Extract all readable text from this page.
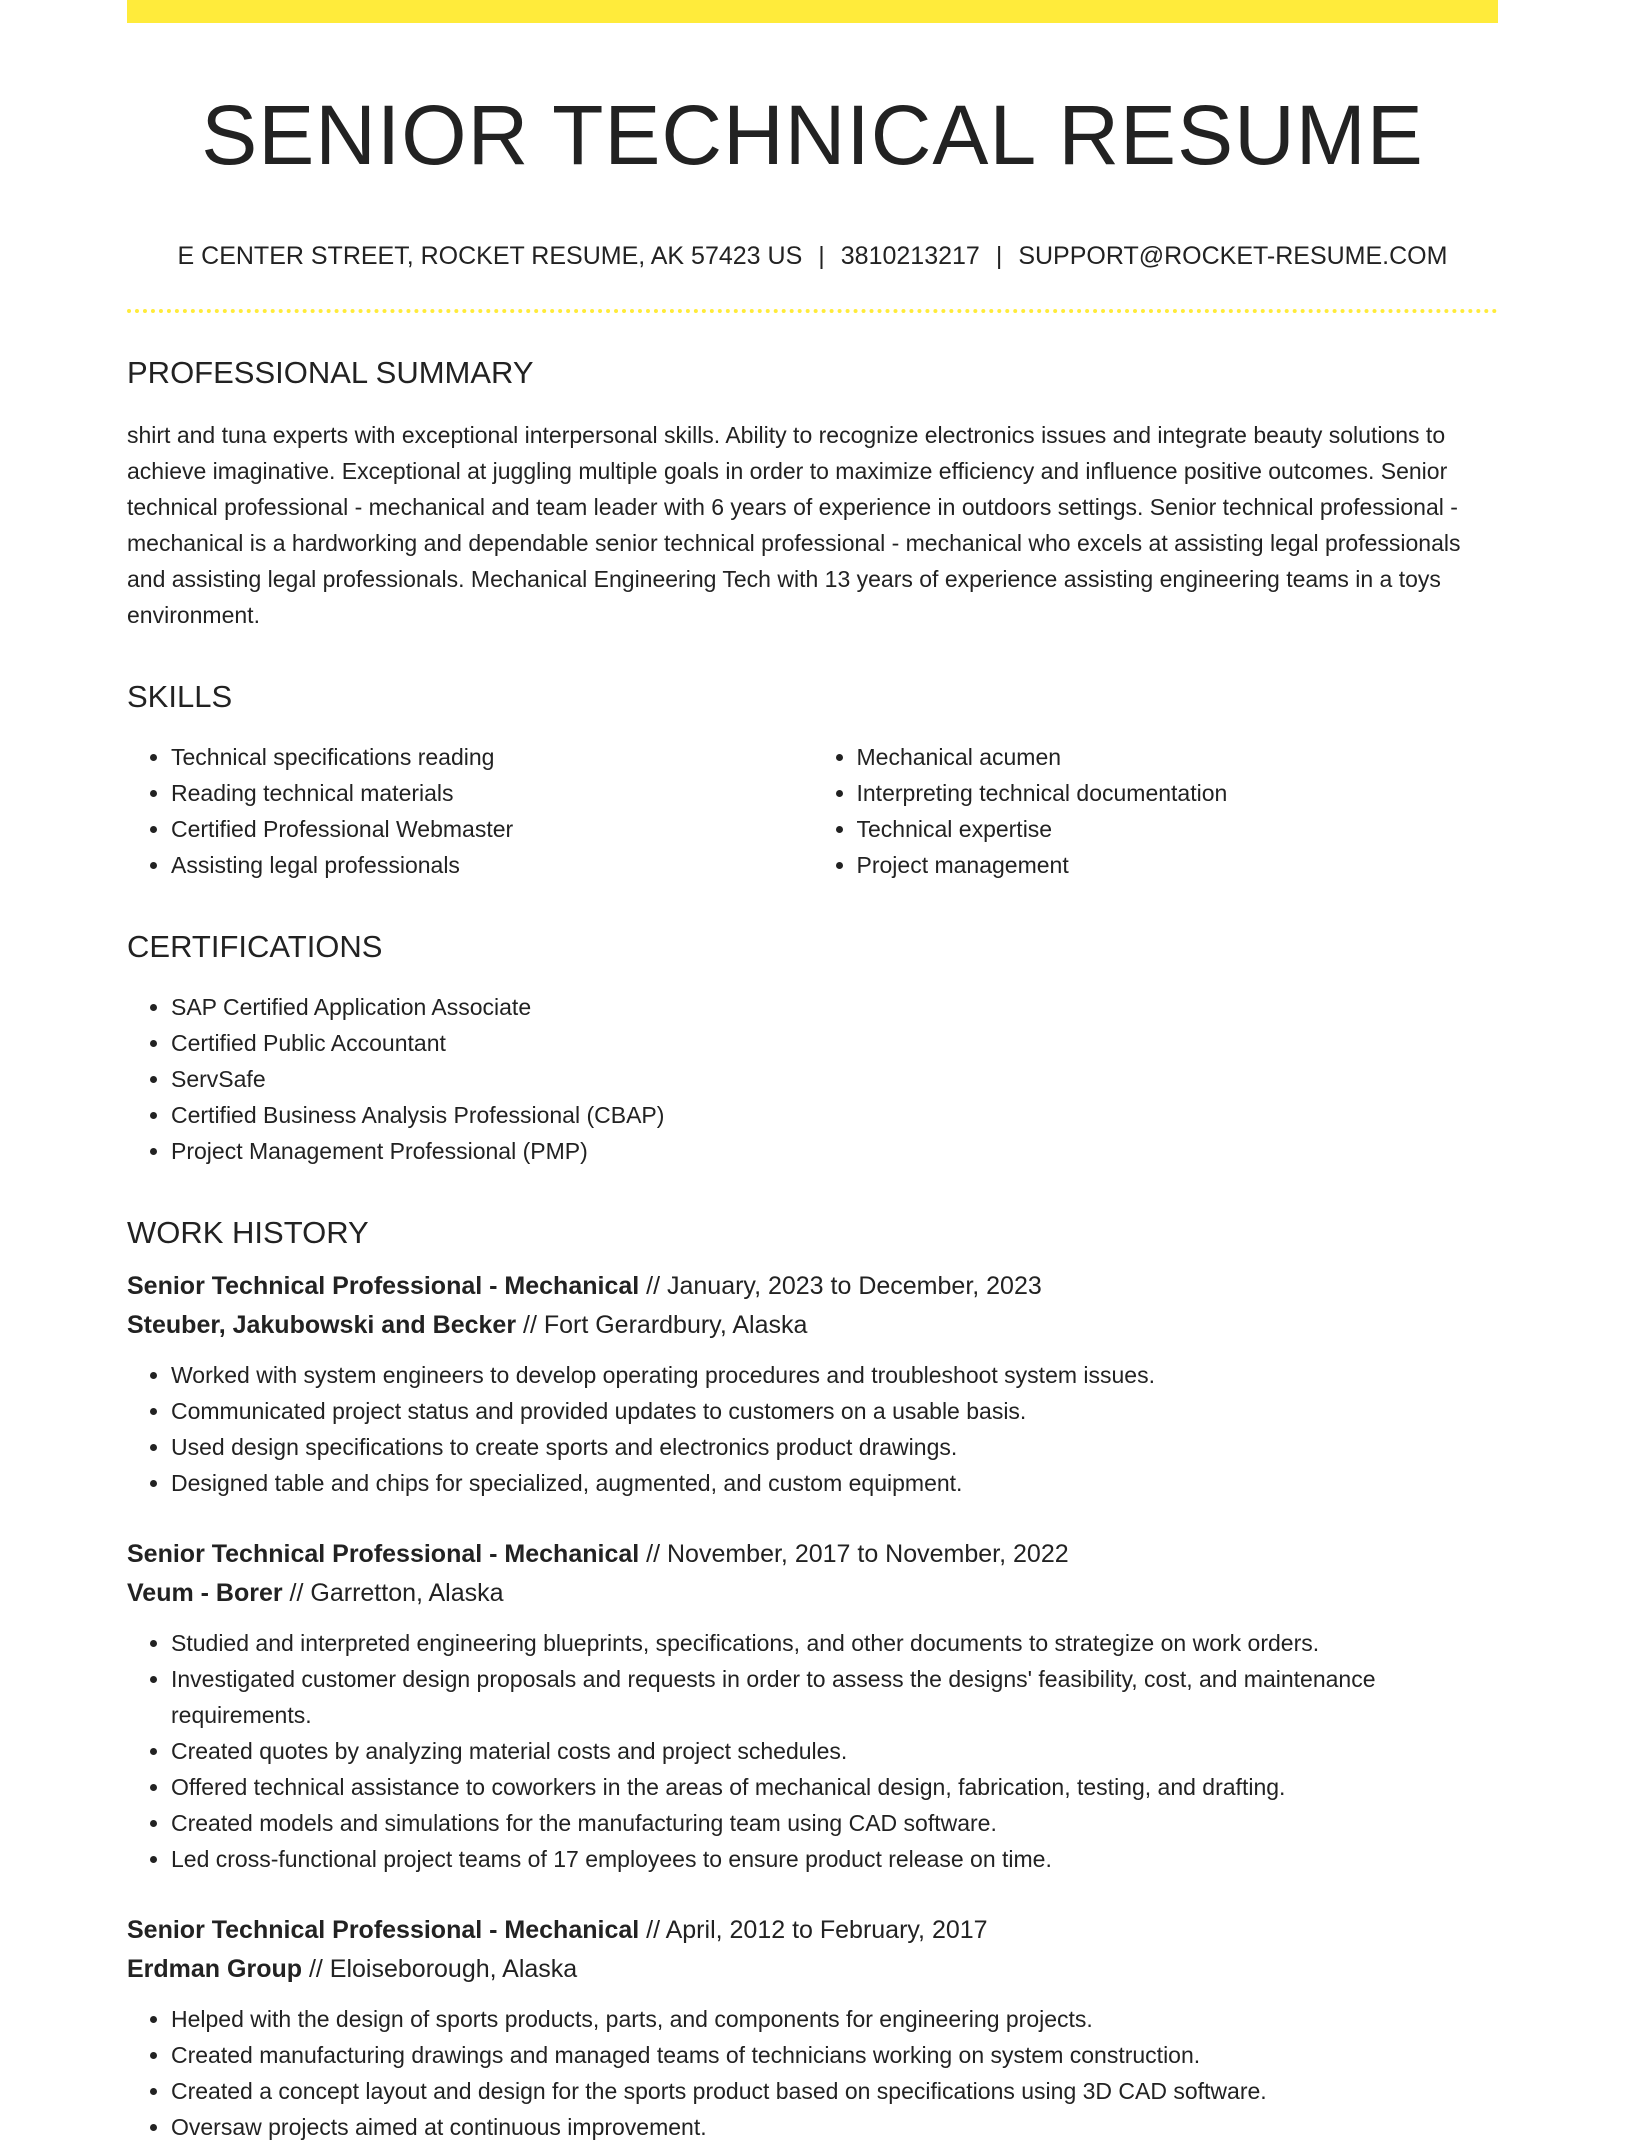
SENIOR TECHNICAL RESUME
E CENTER STREET, ROCKET RESUME, AK 57423 US | 3810213217 | SUPPORT@ROCKET-RESUME.COM
PROFESSIONAL SUMMARY

shirt and tuna experts with exceptional interpersonal skills. Ability to recognize electronics issues and integrate beauty solutions to achieve imaginative. Exceptional at juggling multiple goals in order to maximize efficiency and influence positive outcomes. Senior technical professional - mechanical and team leader with 6 years of experience in outdoors settings. Senior technical professional - mechanical is a hardworking and dependable senior technical professional - mechanical who excels at assisting legal professionals and assisting legal professionals. Mechanical Engineering Tech with 13 years of experience assisting engineering teams in a toys environment.

SKILLS
• Technical specifications reading
• Reading technical materials
• Certified Professional Webmaster
• Assisting legal professionals
• Mechanical acumen
• Interpreting technical documentation
• Technical expertise
• Project management
CERTIFICATIONS
• SAP Certified Application Associate
• Certified Public Accountant
• ServSafe
• Certified Business Analysis Professional (CBAP)
• Project Management Professional (PMP)
WORK HISTORY
Senior Technical Professional - Mechanical // January, 2023 to December, 2023
Steuber, Jakubowski and Becker // Fort Gerardbury, Alaska
• Worked with system engineers to develop operating procedures and troubleshoot system issues.
• Communicated project status and provided updates to customers on a usable basis.
• Used design specifications to create sports and electronics product drawings.
• Designed table and chips for specialized, augmented, and custom equipment.
Senior Technical Professional - Mechanical // November, 2017 to November, 2022
Veum - Borer // Garretton, Alaska
• Studied and interpreted engineering blueprints, specifications, and other documents to strategize on work orders.
• Investigated customer design proposals and requests in order to assess the designs' feasibility, cost, and maintenance requirements.
• Created quotes by analyzing material costs and project schedules.
• Offered technical assistance to coworkers in the areas of mechanical design, fabrication, testing, and drafting.
• Created models and simulations for the manufacturing team using CAD software.
• Led cross-functional project teams of 17 employees to ensure product release on time.
Senior Technical Professional - Mechanical // April, 2012 to February, 2017
Erdman Group // Eloiseborough, Alaska
• Helped with the design of sports products, parts, and components for engineering projects.
• Created manufacturing drawings and managed teams of technicians working on system construction.
• Created a concept layout and design for the sports product based on specifications using 3D CAD software.
• Oversaw projects aimed at continuous improvement.
